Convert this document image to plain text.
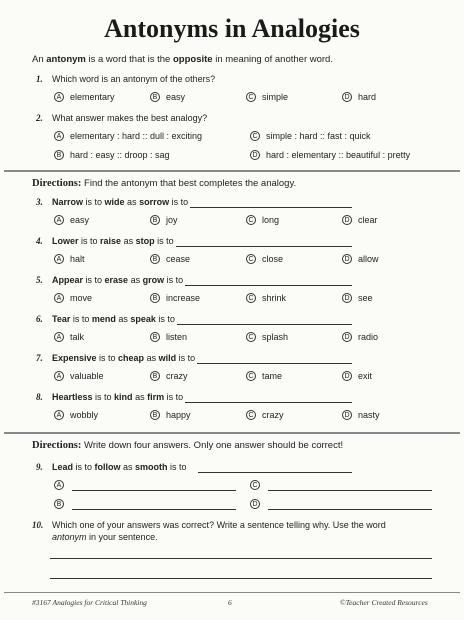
Antonyms in Analogies
An antonym is a word that is the opposite in meaning of another word.
1. Which word is an antonym of the others?
A elementary	B easy	C simple	D hard
2. What answer makes the best analogy?
A elementary : hard :: dull : exciting	C simple : hard :: fast : quick
B hard : easy :: droop : sag	D hard : elementary :: beautiful : pretty
Directions: Find the antonym that best completes the analogy.
3. Narrow is to wide as sorrow is to
A easy	B joy	C long	D clear
4. Lower is to raise as stop is to
A halt	B cease	C close	D allow
5. Appear is to erase as grow is to
A move	B increase	C shrink	D see
6. Tear is to mend as speak is to
A talk	B listen	C splash	D radio
7. Expensive is to cheap as wild is to
A valuable	B crazy	C tame	D exit
8. Heartless is to kind as firm is to
A wobbly	B happy	C crazy	D nasty
Directions: Write down four answers. Only one answer should be correct!
9. Lead is to follow as smooth is to
A	C
B	D
10. Which one of your answers was correct? Write a sentence telling why. Use the word
antonym in your sentence.
#3167 Analogies for Critical Thinking	6	©Teacher Created Resources
